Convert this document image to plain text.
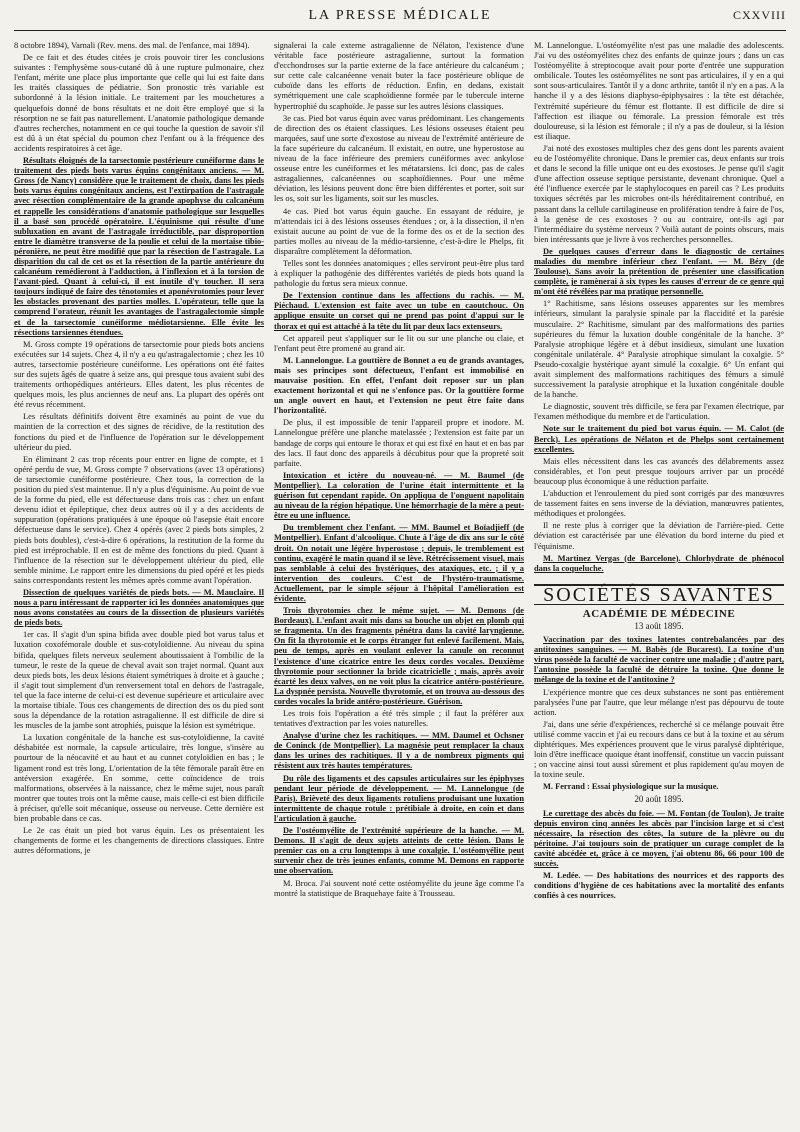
LA PRESSE MÉDICALE	CXXVIII

8 octobre 1894), Varnali (Rev. mens. des mal. de l'enfance, mai 1894).

De ce fait et des études citées je crois pouvoir tirer les conclusions suivantes : l'emphysème sous-cutané dû à une rupture pulmonaire, chez l'enfant, mérite une place plus importante que celle qui lui est faite dans les traités classiques de pédiatrie. Son pronostic très variable est subordonné à la lésion initiale. Le traitement par les mouchetures a quelquefois donné de bons résultats et ne doit être employé que si la résorption ne se fait pas naturellement. L'anatomie pathologique demande d'autres recherches, notamment en ce qui touche la question de savoir s'il est dû à un état spécial du poumon chez l'enfant ou à la fréquence des accidents respiratoires à cet âge.

Résultats éloignés de la tarsectomie postérieure cunéiforme dans le traitement des pieds bots varus équins congénitaux anciens. — M. Gross (de Nancy) considère que le traitement de choix, dans les pieds bots varus équins congénitaux anciens, est l'extirpation de l'astragale avec résection complémentaire de la grande apophyse du calcanéum et rappelle les considérations d'anatomie pathologique sur lesquelles il a basé son procédé opératoire. L'équinisme qui résulte d'une subluxation en avant de l'astragale irréductible, par disproportion entre le diamètre transverse de la poulie et celui de la mortaise tibio-péronière, ne peut être modifié que par la résection de l'astragale. La disparition du cal de cet os et la résection de la partie antérieure du calcanéum remédieront à l'adduction, à l'inflexion et à la torsion de l'avant-pied. Quant à celui-ci, il est inutile d'y toucher. Il sera toujours indiqué de faire des ténotomies et aponévrotomies pour lever les obstacles provenant des parties molles. L'opérateur, telle que la comprend l'orateur, réunit les avantages de l'astragalectomie simple et de la tarsectomie cunéiforme médiotarsienne. Elle évite les résections tarsiennes étendues.

M. Gross compte 19 opérations de tarsectomie pour pieds bots anciens exécutées sur 14 sujets. Chez 4, il n'y a eu qu'astragalectomie ; chez les 10 autres, tarsectomie postérieure cunéiforme. Les opérations ont été faites sur des sujets âgés de quatre à seize ans, qui presque tous avaient subi des traitements orthopédiques antérieurs. Elles datent, les plus récentes de quelques mois, les plus anciennes de neuf ans. La plupart des opérés ont été revus récemment.

Les résultats définitifs doivent être examinés au point de vue du maintien de la correction et des signes de récidive, de la restitution des fonctions du pied et de l'influence de l'opération sur le développement ultérieur du pied.

En éliminant 2 cas trop récents pour entrer en ligne de compte, et 1 opéré perdu de vue, M. Gross compte 7 observations (avec 13 opérations) de tarsectomie cunéiforme postérieure. Chez tous, la correction de la position du pied s'est maintenue. Il n'y a plus d'équinisme. Au point de vue de la forme du pied, elle est défectueuse dans trois cas : chez un enfant devenu idiot et épileptique, chez deux autres où il y a des accidents de suppuration (opérations pratiquées à une époque où l'asepsie était encore défectueuse dans le service). Chez 4 opérés (avec 2 pieds bots simples, 2 pieds bots doubles), c'est-à-dire 6 opérations, la restitution de la forme du pied est irréprochable. Il en est de même des fonctions du pied. Quant à l'influence de la résection sur le développement ultérieur du pied, elle semble minime. Le rapport entre les dimensions du pied opéré et les pieds sains correspondants restent les mêmes après comme avant l'opération.

Dissection de quelques variétés de pieds bots. — M. Mauclaire. Il nous a paru intéressant de rapporter ici les données anatomiques que nous avons constatées au cours de la dissection de plusieurs variétés de pieds bots.

1er cas. Il s'agit d'un spina bifida avec double pied bot varus talus et luxation coxofémorale double et sus-cotyloïdienne. Au niveau du spina bifida, quelques filets nerveux seulement aboutissaient à l'ombilic de la tumeur, le reste de la queue de cheval avait son trajet normal. Quant aux deux pieds bots, les deux lésions étaient symétriques à droite et à gauche ; il s'agit tout simplement d'un renversement total en dehors de l'astragale, tel que la face interne de celui-ci est devenue supérieure et articulaire avec la mortaise tibiale. Tous ces changements de direction des os du pied sont sous la dépendance de la rotation astragalienne. Il est difficile de dire si les muscles de la jambe sont atrophiés, puisque la lésion est symétrique.

La luxation congénitale de la hanche est sus-cotyloïdienne, la cavité déshabitée est normale, la capsule articulaire, très longue, s'insère au pourtour de la néocavité et au haut et au cunnet cotyloïdien en bas ; le ligament rond est très long. L'orientation de la tête fémorale paraît être en antéversion exagérée. En somme, cette coïncidence de trois malformations, observées à la naissance, chez le même sujet, nous paraît montrer que toutes trois ont la même cause, mais celle-ci est bien difficile à préciser, qu'elle soit mécanique, osseuse ou nerveuse. Cette dernière est bien probable dans ce cas.

Le 2e cas était un pied bot varus équin. Les os présentaient les changements de forme et les changements de directions classiques. Entre autres déformations, je

signalerai la cale externe astragalienne de Nélaton, l'existence d'une véritable face postérieure astragalienne, surtout la formation d'ecchondroses sur la partie externe de la face antérieure du calcanéum ; sur cette cale calcanéenne venait buter la face postérieure oblique de cuboïde dans les efforts de réduction. Enfin, en dedans, existait symétriquement une cale scaphoïdienne formée par le tubercule interne hypertrophié du scaphoïde. Je passe sur les autres lésions classiques.

3e cas. Pied bot varus équin avec varus prédominant. Les changements de direction des os étaient classiques. Les lésions osseuses étaient peu marquées, sauf une sorte d'exostose au niveau de l'extrémité antérieure de la face supérieure du calcanéum. Il existait, en outre, une hyperostose au niveau de la face inférieure des premiers cunéiformes avec ankylose osseuse entre les cunéiformes et les métatarsiens. Ici donc, pas de cales astragaliennes, calcanéennes ou scaphoïdiennes. Pour une même déviation, les lésions peuvent donc être bien différentes et porter, soit sur les os, soit sur les ligaments, soit sur les muscles.

4e cas. Pied bot varus équin gauche. En essayant de réduire, je m'attendais ici à des lésions osseuses étendues ; or, à la dissection, il n'en existait aucune au point de vue de la forme des os et de la section des parties molles au niveau de la médio-tarsienne, c'est-à-dire le Phelps, fit disparaître complètement la déformation.

Telles sont les données anatomiques ; elles serviront peut-être plus tard à expliquer la pathogénie des différentes variétés de pieds bots quand la pathologie du fœtus sera mieux connue.

De l'extension continue dans les affections du rachis. — M. Piéchaud. L'extension est faite avec un tube en caoutchouc. On applique ensuite un corset qui ne prend pas point d'appui sur le thorax et qui est attaché à la tête du lit par deux lacs extenseurs.

Cet appareil peut s'appliquer sur le lit ou sur une planche ou claie, et l'enfant peut être promené au grand air.

M. Lannelongue. La gouttière de Bonnet a eu de grands avantages, mais ses principes sont défectueux, l'enfant est immobilisé en mauvaise position. En effet, l'enfant doit reposer sur un plan exactement horizontal et qui ne s'enfonce pas. Or la gouttière forme un angle ouvert en haut, et l'extension ne peut être faite dans l'horizontalité.

De plus, il est impossible de tenir l'appareil propre et inodore. M. Lannelongue préfère une planche matelassée ; l'extension est faite par un bandage de corps qui entoure le thorax et qui est fixé en haut et en bas par des lacs. Il faut donc des appareils à décubitus pour que la propreté soit parfaite.

Intoxication et ictère du nouveau-né. — M. Baumel (de Montpellier). La coloration de l'urine était intermittente et la guérison fut cependant rapide. On appliqua de l'onguent napolitain au niveau de la région hépatique. Une hémorrhagie de la mère a peut-être eu une influence.

Du tremblement chez l'enfant. — MM. Baumel et Boïadjieff (de Montpellier). Enfant d'alcoolique. Chute à l'âge de dix ans sur le côté droit. On notait une légère hyperostose ; depuis, le tremblement est continu, exagéré le matin quand il se lève. Rétrécissement visuel, mais pas semblable à celui des hystériques, des ataxiques, etc. ; il y a intervention des couleurs. C'est de l'hystéro-traumatisme. Actuellement, par le simple séjour à l'hôpital l'amélioration est évidente.

Trois thyrotomies chez le même sujet. — M. Demons (de Bordeaux). L'enfant avait mis dans sa bouche un objet en plomb qui se fragmenta. Un des fragments pénétra dans la cavité laryngienne. On fit la thyrotomie et le corps étranger fut enlevé facilement. Mais, peu de temps, après en voulant enlever la canule on reconnut l'existence d'une cicatrice entre les deux cordes vocales. Deuxième thyrotomie pour sectionner la bride cicatricielle ; mais, après avoir écarté les deux valves, on ne voit plus la cicatrice antéro-postérieure. La dyspnée persista. Nouvelle thyrotomie, et on trouva au-dessous des cordes vocales la bride antéro-postérieure. Guérison.

Les trois fois l'opération a été très simple ; il faut la préférer aux tentatives d'extraction par les voies naturelles.

Analyse d'urine chez les rachitiques. — MM. Daumel et Ochsner de Coninck (de Montpellier). La magnésie peut remplacer la chaux dans les urines des rachitiques. Il y a de nombreux pigments qui résistent aux très hautes températures.

Du rôle des ligaments et des capsules articulaires sur les épiphyses pendant leur période de développement. — M. Lannelongue (de Paris). Brièveté des deux ligaments rotuliens produisant une luxation intermittente de chaque rotule : prétibiale à droite, en coin et dans l'articulation à gauche.

De l'ostéomyélite de l'extrémité supérieure de la hanche. — M. Demons. Il s'agit de deux sujets atteints de cette lésion. Dans le premier cas on a cru longtemps à une coxalgie. L'ostéomyélite peut survenir chez de très jeunes enfants, comme M. Demons en rapporte une observation.

M. Broca. J'ai souvent noté cette ostéomyélite du jeune âge comme l'a montré la statistique de Braquehaye faite à Trousseau.

M. Lannelongue. L'ostéomyélite n'est pas une maladie des adolescents. J'ai vu des ostéomyélites chez des enfants de quinze jours ; dans un cas l'ostéomyélite à streptocoque avait pour porte d'entrée une suppuration ombilicale. Toutes les ostéomyélites ne sont pas articulaires, il y en a qui sont sous-articulaires. Tantôt il y a donc arthrite, tantôt il n'y en a pas. A la hanche il y a des lésions diaphyso-épiphysaires : la tête est détachée, l'extrémité supérieure du fémur est flottante. Il est difficile de dire si l'affection est iliaque ou fémorale. La pression fémorale est très douloureuse, si la lésion est fémorale ; il n'y a pas de douleur, si la lésion est iliaque.

J'ai noté des exostoses multiples chez des gens dont les parents avaient eu de l'ostéomyélite chronique. Dans le premier cas, deux enfants sur trois et dans le second la fille unique ont eu des exostoses. Je pense qu'il s'agit d'une affection osseuse septique persistante, devenant chronique. Quel a été l'influence exercée par le staphylocoques en pareil cas ? Les produits toxiques sécrétés par les microbes ont-ils héréditairement contribué, en passant dans la cellule cartilagineuse en prolifération tendre à faire de l'os, à la genèse de ces exostoses ? ou au contraire, ont-ils agi par l'intermédiaire du système nerveux ? Voilà autant de points obscurs, mais bien intéressants que je livre à vos recherches personnelles.

De quelques causes d'erreur dans le diagnostic de certaines maladies du membre inférieur chez l'enfant. — M. Bézy (de Toulouse). Sans avoir la prétention de présenter une classification complète, je ramènerai à six types les causes d'erreur de ce genre qui m'ont été révélées par ma pratique personnelle.

1° Rachitisme, sans lésions osseuses apparentes sur les membres inférieurs, simulant la paralysie spinale par la flaccidité et la parésie musculaire. 2° Rachitisme, simulant par des malformations des parties supérieures du fémur la luxation double congénitale de la hanche. 3° Paralysie atrophique légère et à début insidieux, simulant une luxation congénitale unilatérale. 4° Paralysie atrophique simulant la coxalgie. 5° Pseudo-coxalgie hystérique ayant simulé la coxalgie. 6° Un enfant qui avait simplement des malformations rachitiques des fémurs a simulé successivement la paralysie atrophique et la luxation congénitale double de la hanche.

Le diagnostic, souvent très difficile, se fera par l'examen électrique, par l'examen méthodique du membre et de l'articulation.

Note sur le traitement du pied bot varus équin. — M. Calot (de Berck). Les opérations de Nélaton et de Phelps sont certainement excellentes.

Mais elles nécessitent dans les cas avancés des délabrements assez considérables, et l'on peut presque toujours arriver par un procédé beaucoup plus économique à une réduction parfaite.

L'abduction et l'enroulement du pied sont corrigés par des manœuvres de tassement faites en sens inverse de la déviation, manœuvres patientes, méthodiques et prolongées.

Il ne reste plus à corriger que la déviation de l'arrière-pied. Cette déviation est caractérisée par une élévation du bord interne du pied et l'équinisme.

M. Martinez Vergas (de Barcelone). Chlorhydrate de phénocol dans la coqueluche.

SOCIÉTÉS SAVANTES
ACADÉMIE DE MÉDECINE
13 août 1895.

Vaccination par des toxines latentes contrebalancées par des antitoxines sanguines. — M. Babès (de Bucarest). La toxine d'un virus possède la faculté de vacciner contre une maladie ; d'autre part, l'antoxine possède la faculté de détruire la toxine. Que donne le mélange de la toxine et de l'antitoxine ?

L'expérience montre que ces deux substances ne sont pas entièrement paralysées l'une par l'autre, que leur mélange n'est pas dépourvu de toute action.

J'ai, dans une série d'expériences, recherché si ce mélange pouvait être utilisé comme vaccin et j'ai eu recours dans ce but à la toxine et au sérum diphtériques. Mes expériences prouvent que le virus paralysé diphtérique, loin d'être inefficace quoique étant inoffensif, constitue un vaccin puissant ; on vaccine ainsi tout aussi sûrement et plus rapidement qu'au moyen de la toxine seule.

M. Ferrand : Essai physiologique sur la musique.

20 août 1895.

Le curettage des abcès du foie. — M. Fontan (de Toulon). Je traite depuis environ cinq années les abcès par l'incision large et si c'est nécessaire, la résection des côtes, la suture de la plèvre ou du péritoine. J'ai toujours soin de pratiquer un curage complet de la cavité abcédée et, grâce à ce moyen, j'ai obtenu 86, 66 pour 100 de succès.

M. Ledée. — Des habitations des nourrices et des rapports des conditions d'hygiène de ces habitations avec la mortalité des enfants confiés à ces nourrices.
